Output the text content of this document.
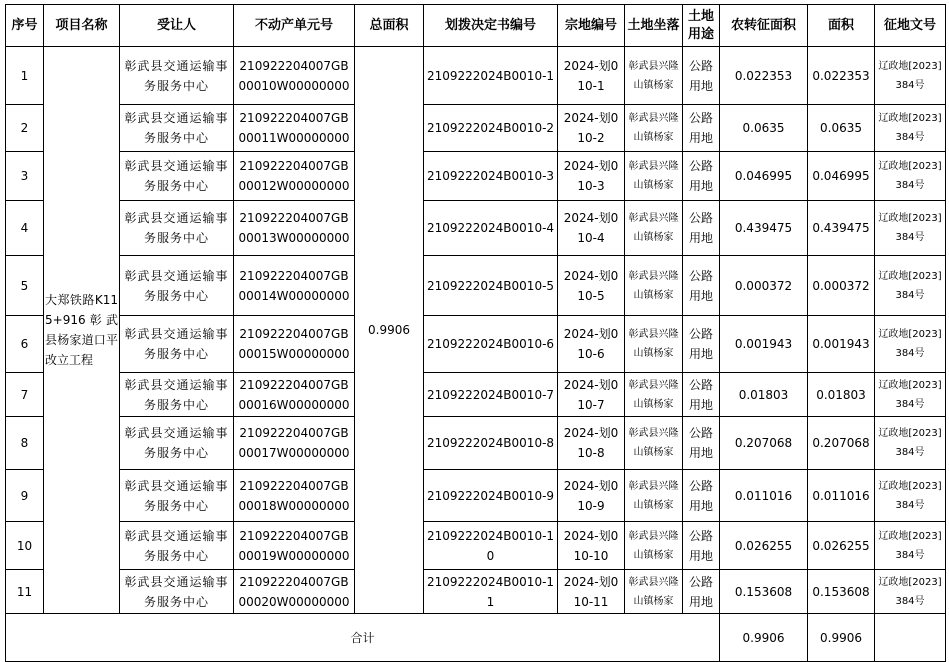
序号	项目名称	受让人	不动产单元号	总面积	划拨决定书编号	宗地编号	土地坐落	土地用途	农转征面积	面积	征地文号
1	大郑铁路K115+916彰武县杨家道口平改立工程	彰武县交通运输事务服务中心	210922204007GB00010W00000000	0.9906	2109222024B0010-1	2024-划010-1	彰武县兴隆山镇杨家	公路用地	0.022353	0.022353	辽政地[2023]384号
2		彰武县交通运输事务服务中心	210922204007GB00011W00000000		2109222024B0010-2	2024-划010-2	彰武县兴隆山镇杨家	公路用地	0.0635	0.0635	辽政地[2023]384号
3		彰武县交通运输事务服务中心	210922204007GB00012W00000000		2109222024B0010-3	2024-划010-3	彰武县兴隆山镇杨家	公路用地	0.046995	0.046995	辽政地[2023]384号
4		彰武县交通运输事务服务中心	210922204007GB00013W00000000		2109222024B0010-4	2024-划010-4	彰武县兴隆山镇杨家	公路用地	0.439475	0.439475	辽政地[2023]384号
5		彰武县交通运输事务服务中心	210922204007GB00014W00000000		2109222024B0010-5	2024-划010-5	彰武县兴隆山镇杨家	公路用地	0.000372	0.000372	辽政地[2023]384号
6		彰武县交通运输事务服务中心	210922204007GB00015W00000000		2109222024B0010-6	2024-划010-6	彰武县兴隆山镇杨家	公路用地	0.001943	0.001943	辽政地[2023]384号
7		彰武县交通运输事务服务中心	210922204007GB00016W00000000		2109222024B0010-7	2024-划010-7	彰武县兴隆山镇杨家	公路用地	0.01803	0.01803	辽政地[2023]384号
8		彰武县交通运输事务服务中心	210922204007GB00017W00000000		2109222024B0010-8	2024-划010-8	彰武县兴隆山镇杨家	公路用地	0.207068	0.207068	辽政地[2023]384号
9		彰武县交通运输事务服务中心	210922204007GB00018W00000000		2109222024B0010-9	2024-划010-9	彰武县兴隆山镇杨家	公路用地	0.011016	0.011016	辽政地[2023]384号
10		彰武县交通运输事务服务中心	210922204007GB00019W00000000		2109222024B0010-10	2024-划010-10	彰武县兴隆山镇杨家	公路用地	0.026255	0.026255	辽政地[2023]384号
11		彰武县交通运输事务服务中心	210922204007GB00020W00000000		2109222024B0010-11	2024-划010-11	彰武县兴隆山镇杨家	公路用地	0.153608	0.153608	辽政地[2023]384号
合计									0.9906	0.9906	
